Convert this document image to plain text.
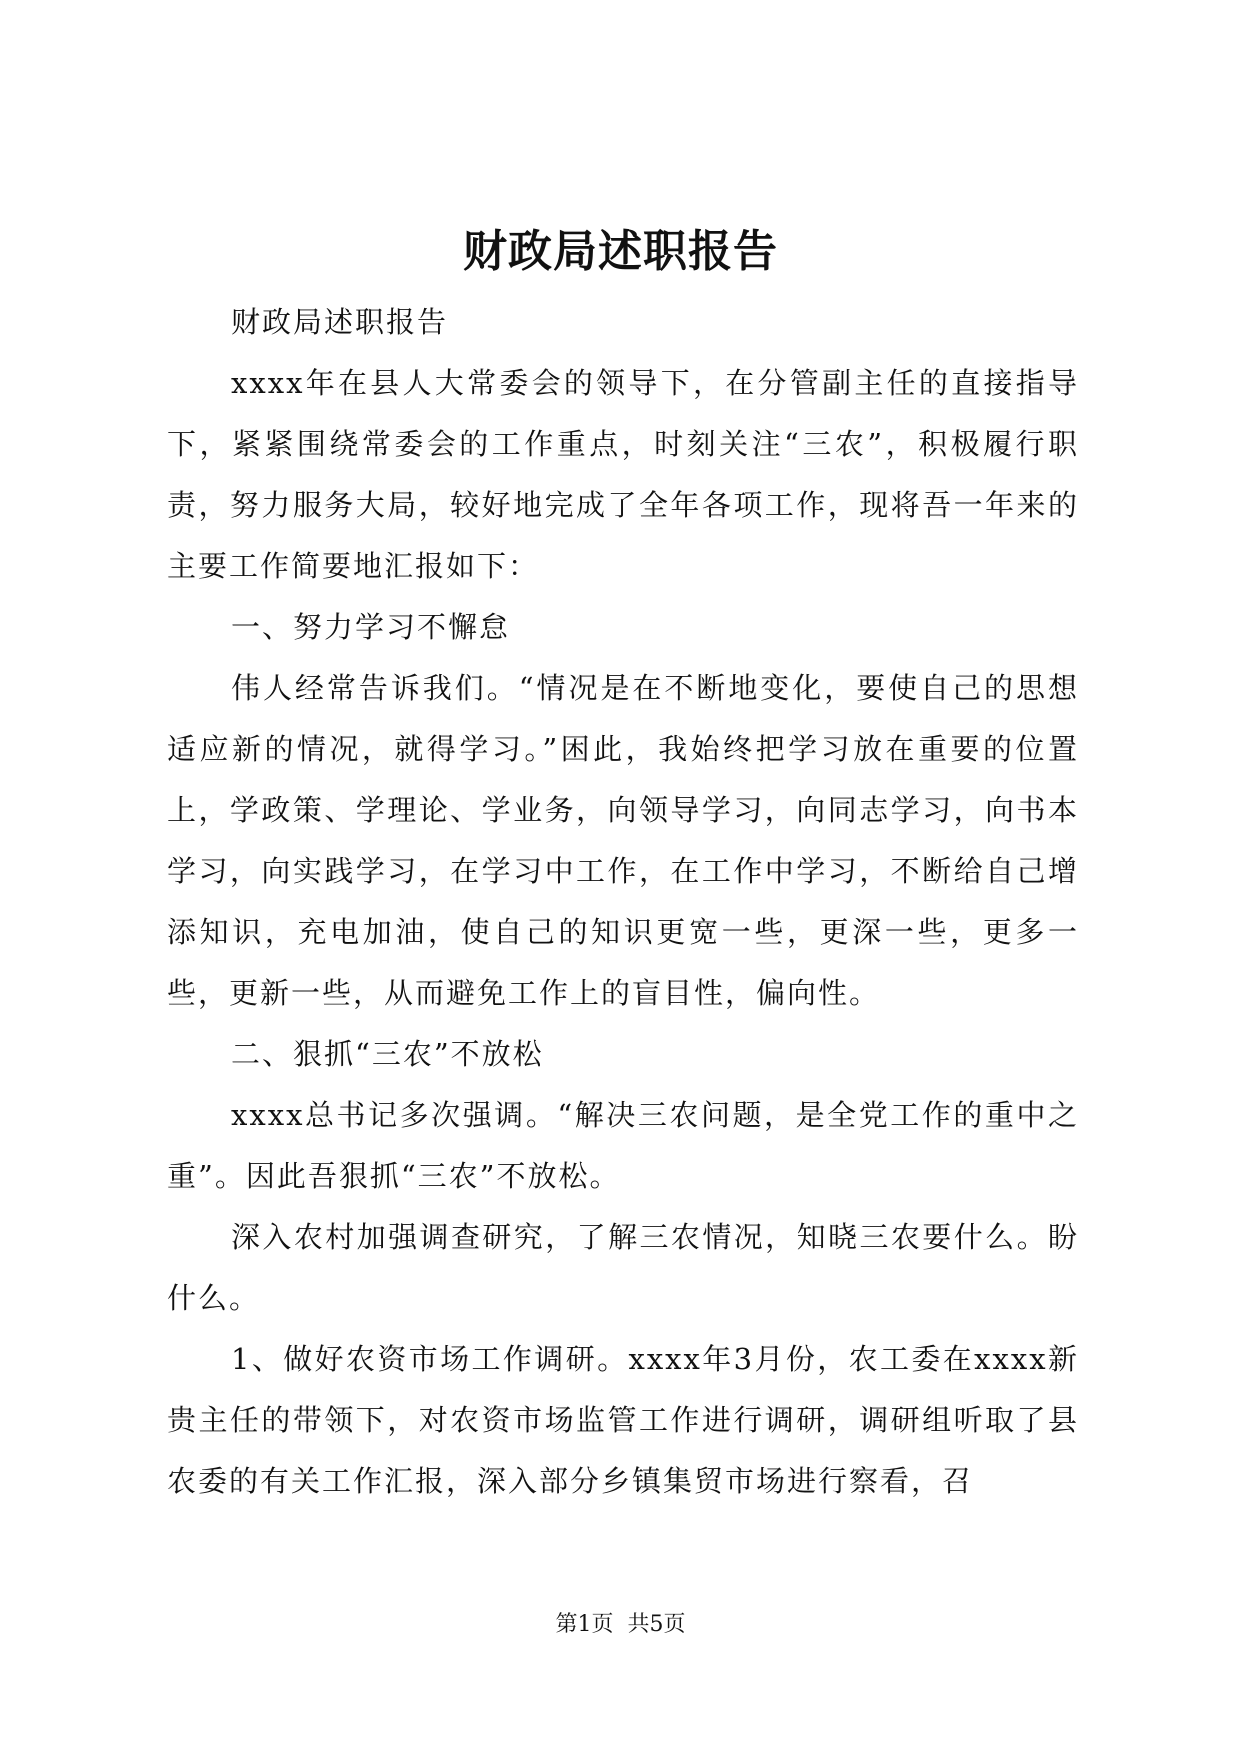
财政局述职报告

财政局述职报告

xxxx年在县人大常委会的领导下，在分管副主任的直接指导下，紧紧围绕常委会的工作重点，时刻关注“三农”，积极履行职责，努力服务大局，较好地完成了全年各项工作，现将吾一年来的主要工作简要地汇报如下：

一、努力学习不懈怠

伟人经常告诉我们。“情况是在不断地变化，要使自己的思想适应新的情况，就得学习。”困此，我始终把学习放在重要的位置上，学政策、学理论、学业务，向领导学习，向同志学习，向书本学习，向实践学习，在学习中工作，在工作中学习，不断给自己增添知识，充电加油，使自己的知识更宽一些，更深一些，更多一些，更新一些，从而避免工作上的盲目性，偏向性。

二、狠抓“三农”不放松

xxxx总书记多次强调。“解决三农问题，是全党工作的重中之重”。因此吾狠抓“三农”不放松。

深入农村加强调查研究，了解三农情况，知晓三农要什么。盼什么。

1、做好农资市场工作调研。xxxx年3月份，农工委在xxxx新贵主任的带领下，对农资市场监管工作进行调研，调研组听取了县农委的有关工作汇报，深入部分乡镇集贸市场进行察看，召

第1页 共5页
